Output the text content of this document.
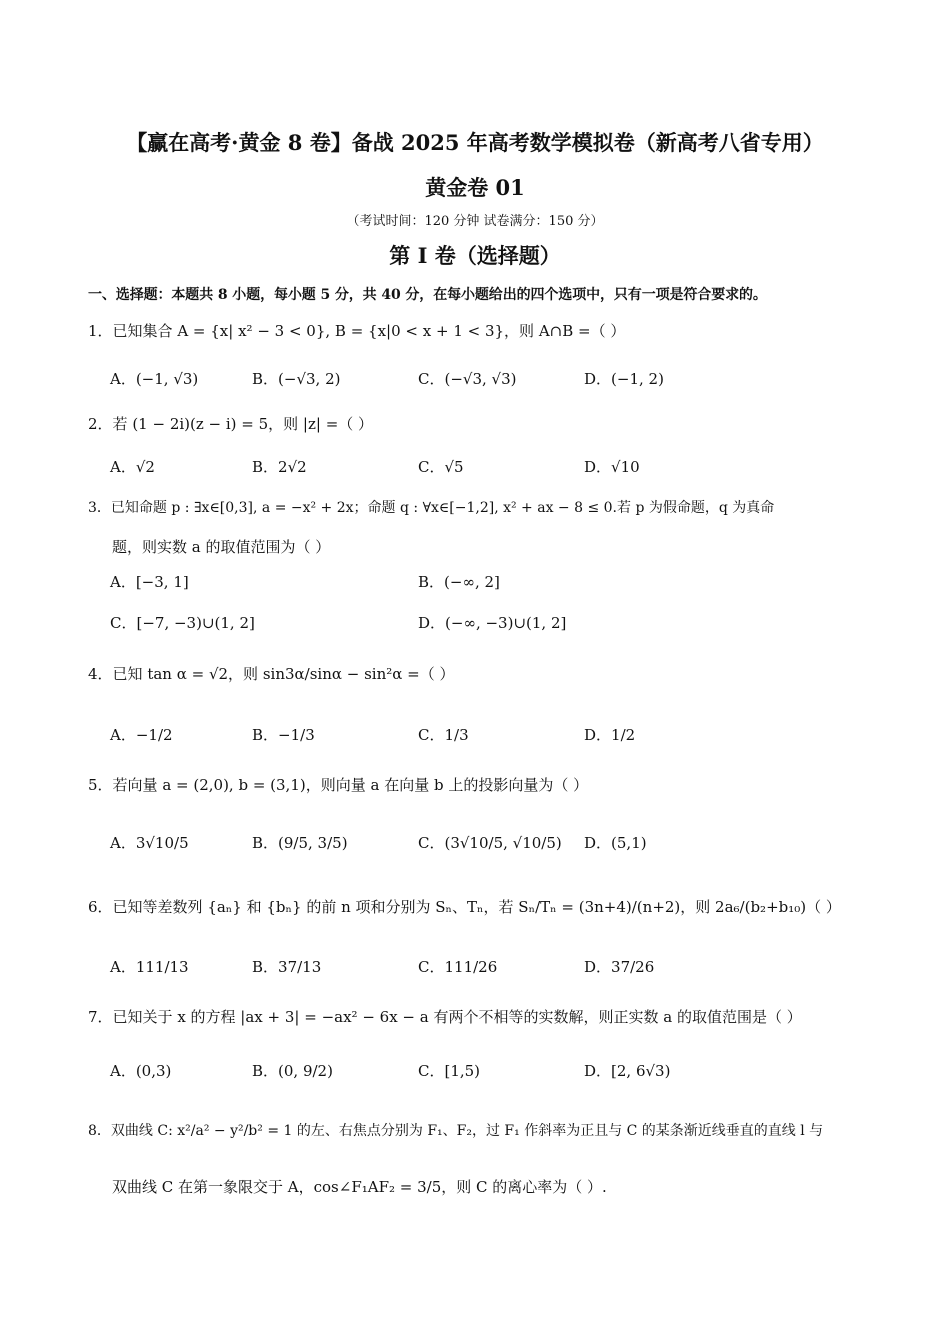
【赢在高考·黄金 8 卷】备战 2025 年高考数学模拟卷（新高考八省专用）
黄金卷 01
（考试时间：120 分钟 试卷满分：150 分）
第 I 卷（选择题）
一、选择题：本题共 8 小题，每小题 5 分，共 40 分，在每小题给出的四个选项中，只有一项是符合要求的。
1．已知集合 A = {x| x² − 3 < 0}, B = {x|0 < x + 1 < 3}，则 A∩B =（ ）
A．(−1, √3)	B．(−√3, 2)	C．(−√3, √3)	D．(−1, 2)
2．若 (1 − 2i)(z − i) = 5，则 |z| =（ ）
A．√2	B．2√2	C．√5	D．√10
3．已知命题 p : ∃x∈[0,3], a = −x² + 2x；命题 q : ∀x∈[−1,2], x² + ax − 8 ≤ 0.若 p 为假命题，q 为真命
题，则实数 a 的取值范围为（ ）
A．[−3, 1]	B．(−∞, 2]
C．[−7, −3)∪(1, 2]	D．(−∞, −3)∪(1, 2]
4．已知 tan α = √2，则 sin3α/sinα − sin²α =（ ）
A．−1/2	B．−1/3	C．1/3	D．1/2
5．若向量 a = (2,0), b = (3,1)，则向量 a 在向量 b 上的投影向量为（ ）
A．3√10/5	B．(9/5, 3/5)	C．(3√10/5, √10/5) D．(5,1)
6．已知等差数列 {aₙ} 和 {bₙ} 的前 n 项和分别为 Sₙ、Tₙ，若 Sₙ/Tₙ = (3n+4)/(n+2)，则 2a₆/(b₂+b₁₀)（ ）
A．111/13	B．37/13	C．111/26	D．37/26
7．已知关于 x 的方程 |ax + 3| = −ax² − 6x − a 有两个不相等的实数解，则正实数 a 的取值范围是（ ）
A．(0,3)	B．(0, 9/2)	C．[1,5)	D．[2, 6√3)
8．双曲线 C: x²/a² − y²/b² = 1 的左、右焦点分别为 F₁、F₂，过 F₁ 作斜率为正且与 C 的某条渐近线垂直的直线 l 与
双曲线 C 在第一象限交于 A，cos∠F₁AF₂ = 3/5，则 C 的离心率为（ ）.
